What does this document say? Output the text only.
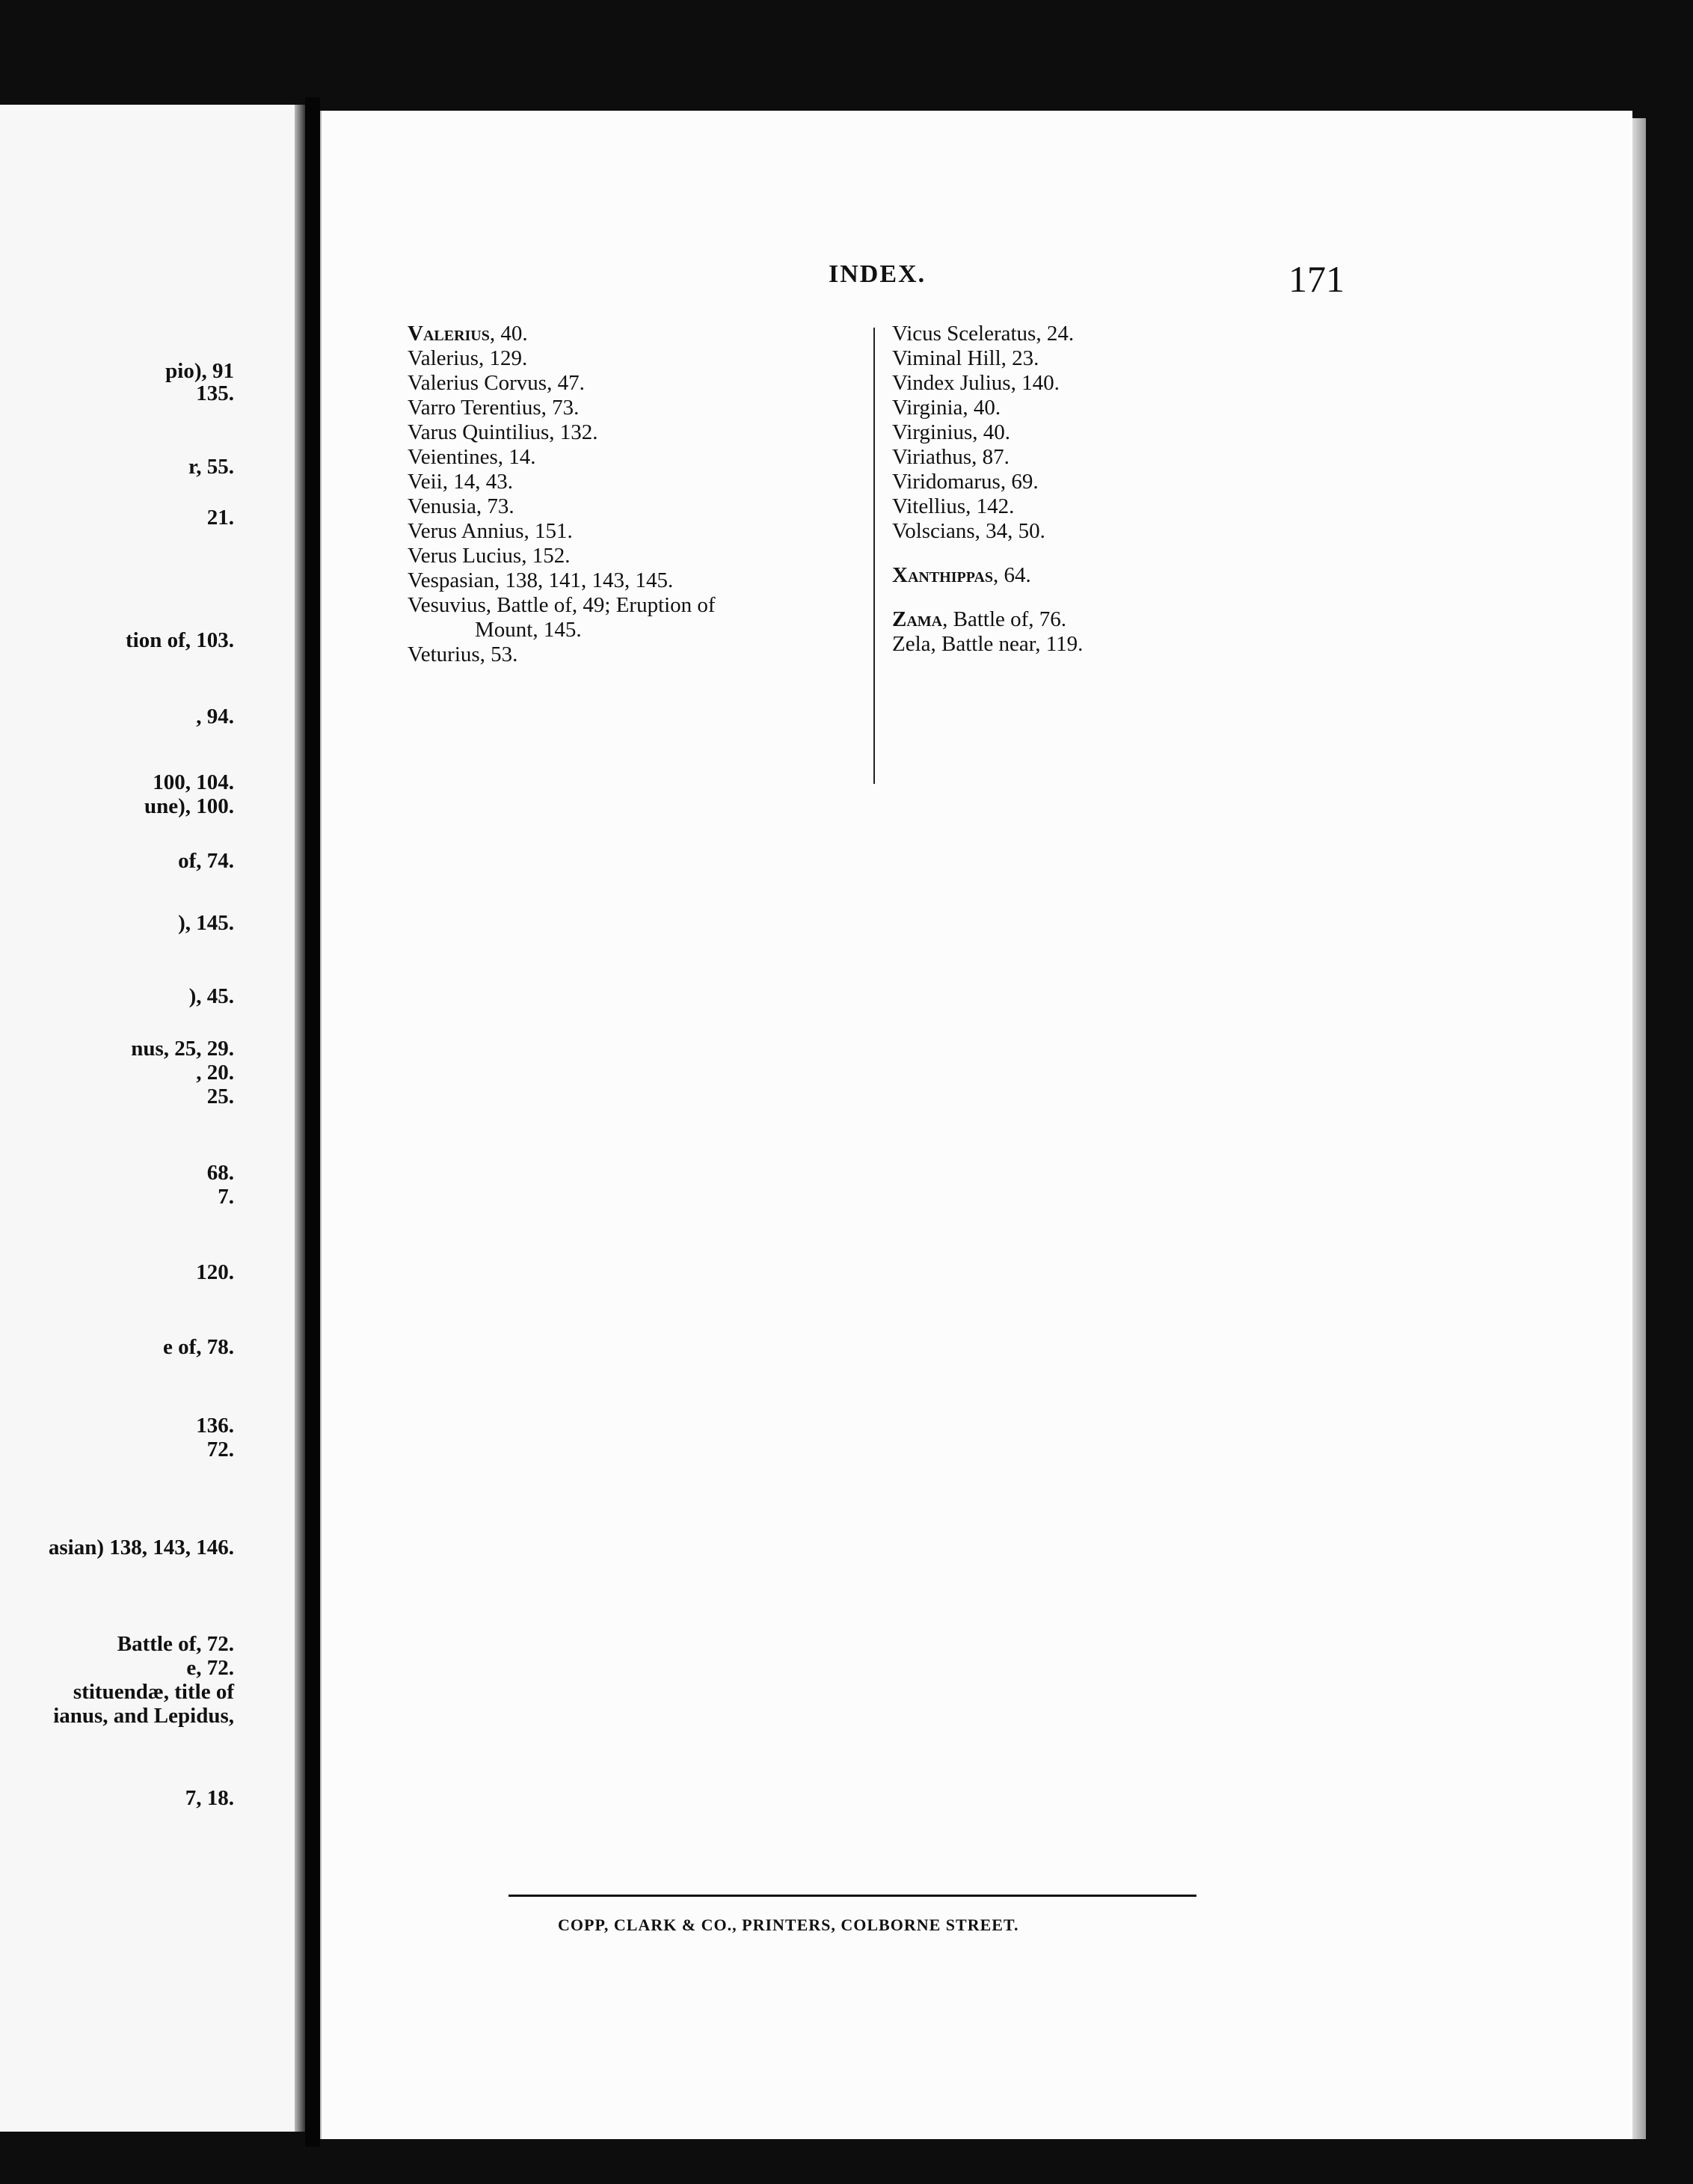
pio), 91
135.
r, 55.
21.
tion of, 103.
, 94.
100, 104.
une), 100.
of, 74.
), 145.
), 45.
nus, 25, 29.
, 20.
25.
68.
7.
120.
e of, 78.
136.
72.
asian) 138, 143, 146.
Battle of, 72.
e, 72.
stituendæ, title of
ianus, and Lepidus,
7, 18.
INDEX.	171
Valerius, 40.
Valerius, 129.
Valerius Corvus, 47.
Varro Terentius, 73.
Varus Quintilius, 132.
Veientines, 14.
Veii, 14, 43.
Venusia, 73.
Verus Annius, 151.
Verus Lucius, 152.
Vespasian, 138, 141, 143, 145.
Vesuvius, Battle of, 49; Eruption of
Mount, 145.
Veturius, 53.
Vicus Sceleratus, 24.
Viminal Hill, 23.
Vindex Julius, 140.
Virginia, 40.
Virginius, 40.
Viriathus, 87.
Viridomarus, 69.
Vitellius, 142.
Volscians, 34, 50.
Xanthippas, 64.
Zama, Battle of, 76.
Zela, Battle near, 119.
COPP, CLARK & CO., PRINTERS, COLBORNE STREET.
